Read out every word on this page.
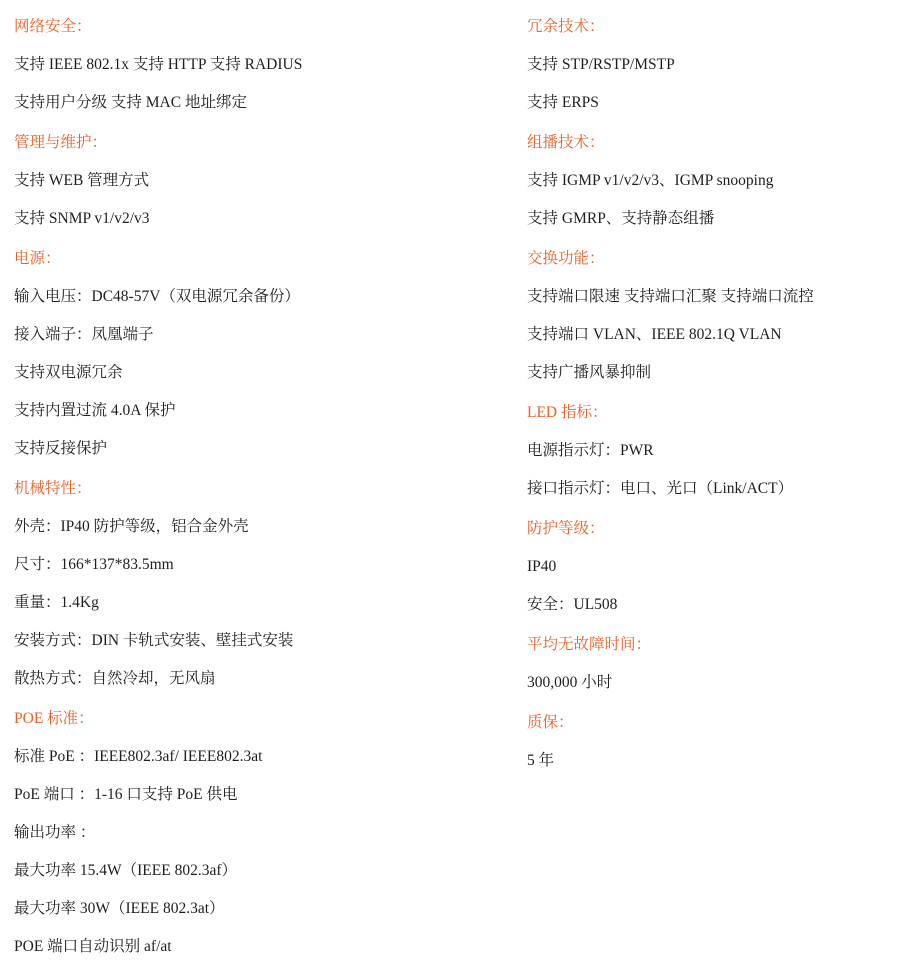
网络安全：
支持 IEEE 802.1x 支持 HTTP 支持 RADIUS
支持用户分级 支持 MAC 地址绑定
管理与维护：
支持 WEB 管理方式
支持 SNMP v1/v2/v3
电源：
输入电压：DC48-57V（双电源冗余备份）
接入端子：凤凰端子
支持双电源冗余
支持内置过流 4.0A 保护
支持反接保护
机械特性：
外壳：IP40 防护等级，铝合金外壳
尺寸：166*137*83.5mm
重量：1.4Kg
安装方式：DIN 卡轨式安装、壁挂式安装
散热方式：自然冷却，无风扇
POE 标准：
标准 PoE ：IEEE802.3af/ IEEE802.3at
PoE 端口 ：1-16 口支持 PoE 供电
输出功率 ：
最大功率 15.4W（IEEE 802.3af）
最大功率 30W（IEEE 802.3at）
POE 端口自动识别 af/at
冗余技术：
支持 STP/RSTP/MSTP
支持 ERPS
组播技术：
支持 IGMP v1/v2/v3、IGMP snooping
支持 GMRP、支持静态组播
交换功能：
支持端口限速 支持端口汇聚 支持端口流控
支持端口 VLAN、IEEE 802.1Q VLAN
支持广播风暴抑制
LED 指标：
电源指示灯：PWR
接口指示灯：电口、光口（Link/ACT）
防护等级：
IP40
安全：UL508
平均无故障时间：
300,000 小时
质保：
5 年
